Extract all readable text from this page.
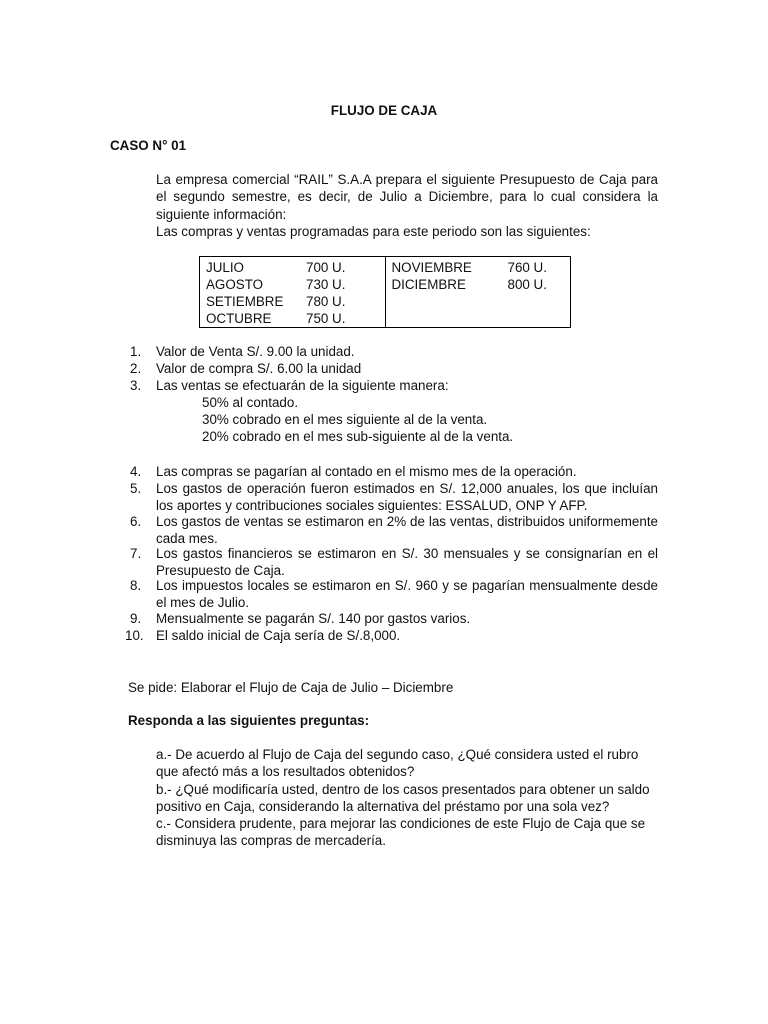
FLUJO DE CAJA
CASO N° 01

La empresa comercial “RAIL” S.A.A prepara el siguiente Presupuesto de Caja para el segundo semestre, es decir, de Julio a Diciembre, para lo cual considera la siguiente información:

Las compras y ventas programadas para este periodo son las siguientes:

JULIO	700 U.
AGOSTO	730 U.
SETIEMBRE	780 U.
OCTUBRE	750 U.

NOVIEMBRE	760 U.
DICIEMBRE	800 U.
1.	Valor de Venta S/. 9.00 la unidad.
2.	Valor de compra S/. 6.00 la unidad
3.	Las ventas se efectuarán de la siguiente manera:
50% al contado.
30% cobrado en el mes siguiente al de la venta.
20% cobrado en el mes sub-siguiente al de la venta.
4.	Las compras se pagarían al contado en el mismo mes de la operación.
5.	Los gastos de operación fueron estimados en S/. 12,000 anuales, los que incluían los aportes y contribuciones sociales siguientes: ESSALUD, ONP Y AFP.
6.	Los gastos de ventas se estimaron en 2% de las ventas, distribuidos uniformemente cada mes.
7.	Los gastos financieros se estimaron en S/. 30 mensuales y se consignarían en el Presupuesto de Caja.
8.	Los impuestos locales se estimaron en S/. 960 y se pagarían mensualmente desde el mes de Julio.
9.	Mensualmente se pagarán S/. 140 por gastos varios.
10. El saldo inicial de Caja sería de S/.8,000.
Se pide: Elaborar el Flujo de Caja de Julio – Diciembre
Responda a las siguientes preguntas:

a.- De acuerdo al Flujo de Caja del segundo caso, ¿Qué considera usted el rubro que afectó más a los resultados obtenidos?

b.- ¿Qué modificaría usted, dentro de los casos presentados para obtener un saldo positivo en Caja, considerando la alternativa del préstamo por una sola vez?

c.- Considera prudente, para mejorar las condiciones de este Flujo de Caja que se disminuya las compras de mercadería.
